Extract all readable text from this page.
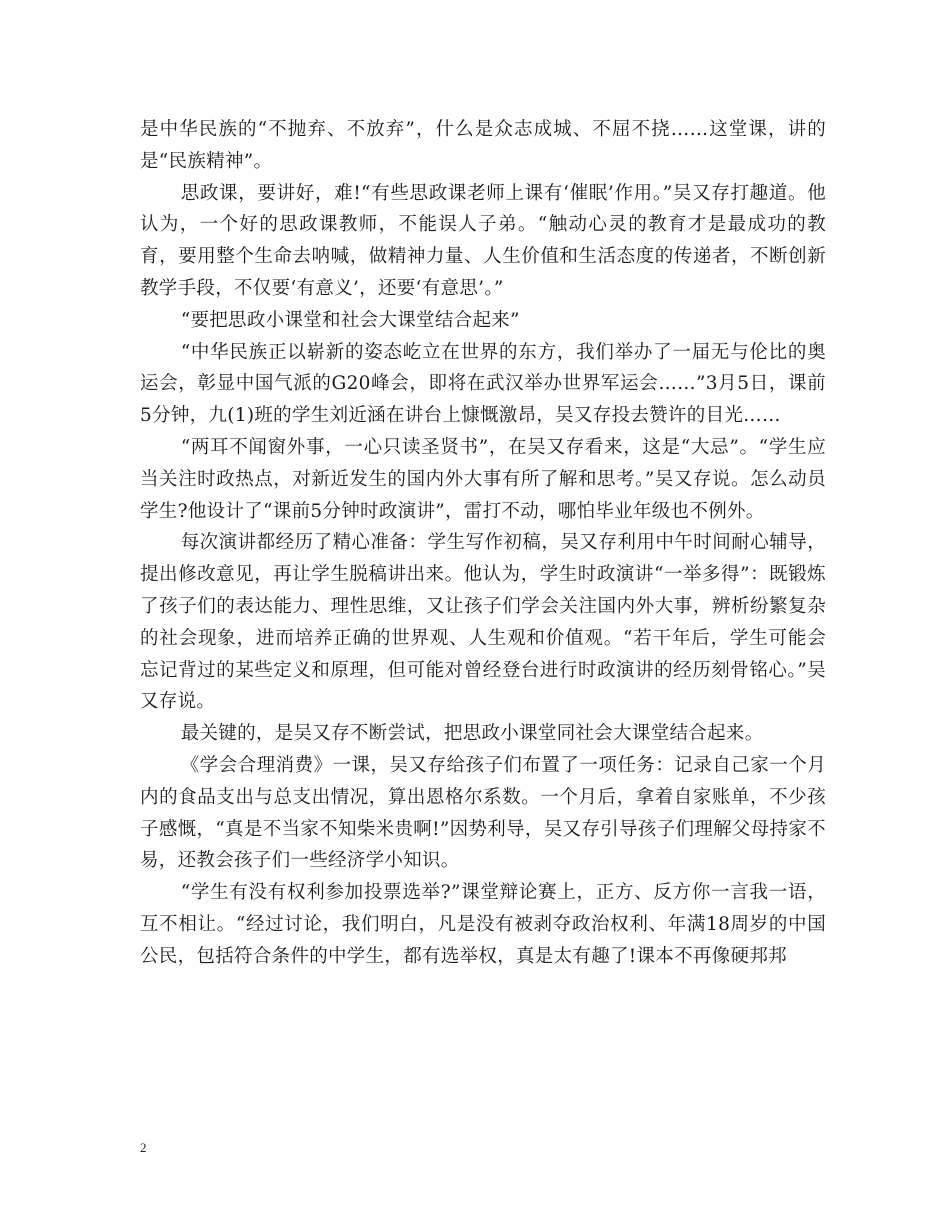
是中华民族的“不抛弃、不放弃”，什么是众志成城、不屈不挠……这堂课，讲的是“民族精神”。

思政课，要讲好，难!“有些思政课老师上课有‘催眠’作用。”吴又存打趣道。他认为，一个好的思政课教师，不能误人子弟。“触动心灵的教育才是最成功的教育，要用整个生命去呐喊，做精神力量、人生价值和生活态度的传递者，不断创新教学手段，不仅要‘有意义’，还要‘有意思’。”

“要把思政小课堂和社会大课堂结合起来”

“中华民族正以崭新的姿态屹立在世界的东方，我们举办了一届无与伦比的奥运会，彰显中国气派的G20峰会，即将在武汉举办世界军运会……”3月5日，课前5分钟，九(1)班的学生刘近涵在讲台上慷慨激昂，吴又存投去赞许的目光……

“两耳不闻窗外事，一心只读圣贤书”，在吴又存看来，这是“大忌”。“学生应当关注时政热点，对新近发生的国内外大事有所了解和思考。”吴又存说。怎么动员学生?他设计了“课前5分钟时政演讲”，雷打不动，哪怕毕业年级也不例外。

每次演讲都经历了精心准备：学生写作初稿，吴又存利用中午时间耐心辅导，提出修改意见，再让学生脱稿讲出来。他认为，学生时政演讲“一举多得”：既锻炼了孩子们的表达能力、理性思维，又让孩子们学会关注国内外大事，辨析纷繁复杂的社会现象，进而培养正确的世界观、人生观和价值观。“若干年后，学生可能会忘记背过的某些定义和原理，但可能对曾经登台进行时政演讲的经历刻骨铭心。”吴又存说。

最关键的，是吴又存不断尝试，把思政小课堂同社会大课堂结合起来。

《学会合理消费》一课，吴又存给孩子们布置了一项任务：记录自己家一个月内的食品支出与总支出情况，算出恩格尔系数。一个月后，拿着自家账单，不少孩子感慨，“真是不当家不知柴米贵啊!”因势利导，吴又存引导孩子们理解父母持家不易，还教会孩子们一些经济学小知识。

“学生有没有权利参加投票选举?”课堂辩论赛上，正方、反方你一言我一语，互不相让。“经过讨论，我们明白，凡是没有被剥夺政治权利、年满18周岁的中国公民，包括符合条件的中学生，都有选举权，真是太有趣了!课本不再像硬邦邦

2
